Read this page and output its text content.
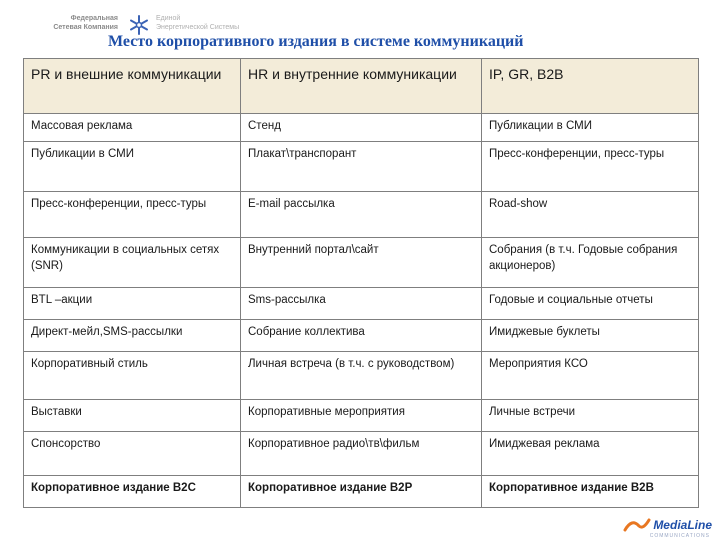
Федеральная
Сетевая Компания
Единой
Энергетической Системы
Место корпоративного издания в системе коммуникаций
PR и внешние коммуникации	HR и внутренние коммуникации	IP, GR, B2B
Массовая реклама	Стенд	Публикации в СМИ
Публикации в СМИ	Плакат\транспорант	Пресс-конференции, пресс-туры
Пресс-конференции, пресс-туры	E-mail рассылка	Road-show
Коммуникации в социальных сетях (SNR)	Внутренний портал\сайт	Собрания (в т.ч. Годовые собрания акционеров)
BTL –акции	Sms-рассылка	Годовые и социальные отчеты
Директ-мейл,SMS-рассылки	Собрание коллектива	Имиджевые буклеты
Корпоративный стиль	Личная встреча (в т.ч. с руководством)	Мероприятия КСО
Выставки	Корпоративные мероприятия	Личные встречи
Спонсорство	Корпоративное радио\тв\фильм	Имиджевая реклама
Корпоративное издание B2C	Корпоративное издание B2P	Корпоративное издание B2B
MediaLine
COMMUNICATIONS
